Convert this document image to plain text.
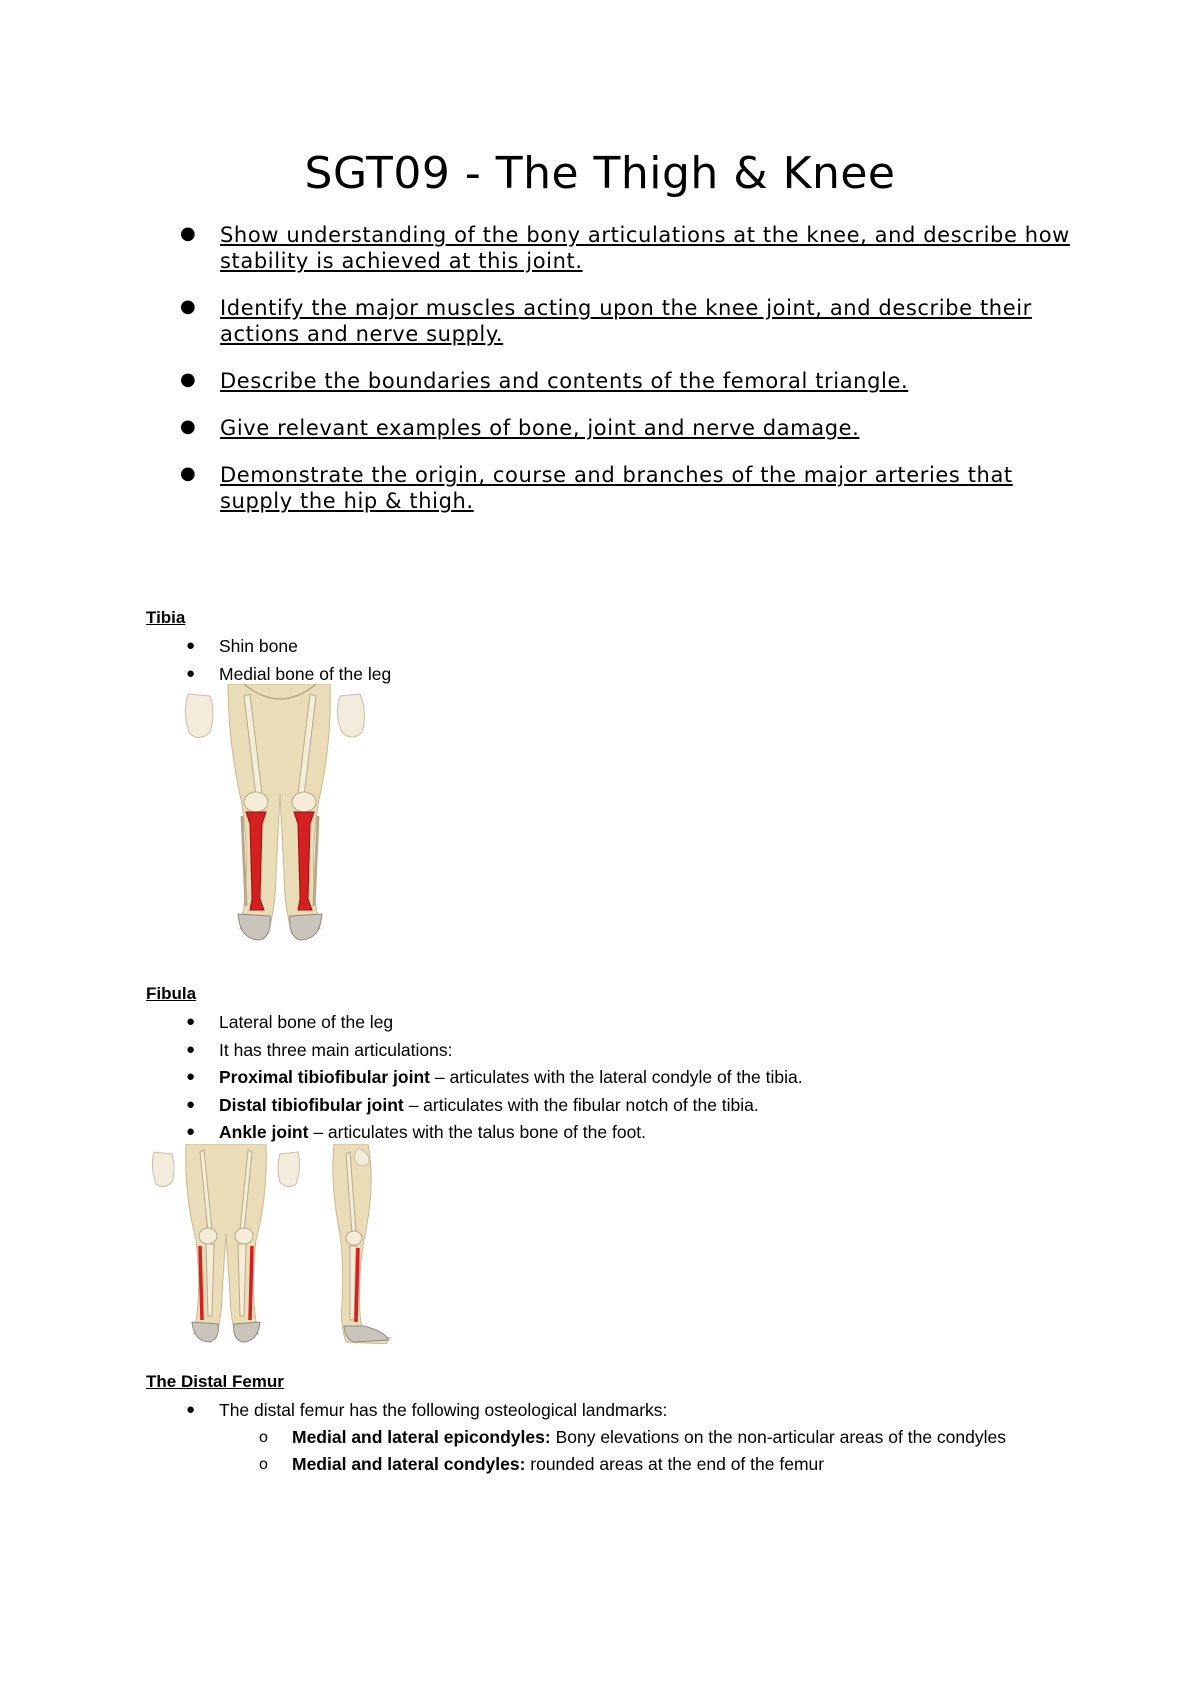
SGT09 - The Thigh & Knee
● Show understanding of the bony articulations at the knee, and describe how stability is achieved at this joint.
● Identify the major muscles acting upon the knee joint, and describe their actions and nerve supply.
● Describe the boundaries and contents of the femoral triangle.
● Give relevant examples of bone, joint and nerve damage.
● Demonstrate the origin, course and branches of the major arteries that supply the hip & thigh.
Tibia
● Shin bone
● Medial bone of the leg
Fibula
● Lateral bone of the leg
● It has three main articulations:
● Proximal tibiofibular joint – articulates with the lateral condyle of the tibia.
● Distal tibiofibular joint – articulates with the fibular notch of the tibia.
● Ankle joint – articulates with the talus bone of the foot.
The Distal Femur
● The distal femur has the following osteological landmarks:
o Medial and lateral epicondyles: Bony elevations on the non-articular areas of the condyles
o Medial and lateral condyles: rounded areas at the end of the femur
